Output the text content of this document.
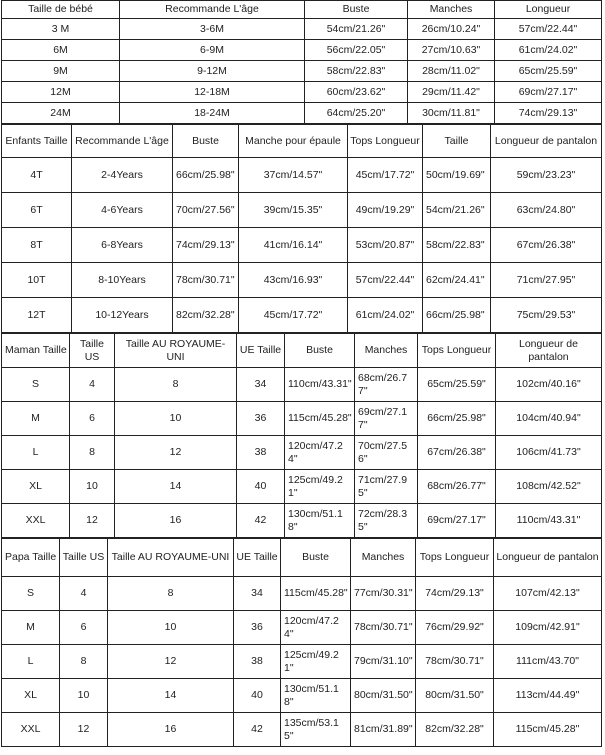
Taille de bébé	Recommande L'âge	Buste	Manches	Longueur
3 M	3-6M	54cm/21.26"	26cm/10.24"	57cm/22.44"
6M	6-9M	56cm/22.05"	27cm/10.63"	61cm/24.02"
9M	9-12M	58cm/22.83"	28cm/11.02"	65cm/25.59"
12M	12-18M	60cm/23.62"	29cm/11.42"	69cm/27.17"
24M	18-24M	64cm/25.20"	30cm/11.81"	74cm/29.13"
Enfants Taille	Recommande L'âge	Buste	Manche pour épaule	Tops Longueur	Taille	Longueur de pantalon
4T	2-4Years	66cm/25.98"	37cm/14.57"	45cm/17.72"	50cm/19.69"	59cm/23.23"
6T	4-6Years	70cm/27.56"	39cm/15.35"	49cm/19.29"	54cm/21.26"	63cm/24.80"
8T	6-8Years	74cm/29.13"	41cm/16.14"	53cm/20.87"	58cm/22.83"	67cm/26.38"
10T	8-10Years	78cm/30.71"	43cm/16.93"	57cm/22.44"	62cm/24.41"	71cm/27.95"
12T	10-12Years	82cm/32.28"	45cm/17.72"	61cm/24.02"	66cm/25.98"	75cm/29.53"
Maman Taille	Taille US	Taille AU ROYAUME-UNI	UE Taille	Buste	Manches	Tops Longueur	Longueur de pantalon
S	4	8	34	110cm/43.31"	68cm/26.77"	65cm/25.59"	102cm/40.16"
M	6	10	36	115cm/45.28"	69cm/27.17"	66cm/25.98"	104cm/40.94"
L	8	12	38	120cm/47.24"	70cm/27.56"	67cm/26.38"	106cm/41.73"
XL	10	14	40	125cm/49.21"	71cm/27.95"	68cm/26.77"	108cm/42.52"
XXL	12	16	42	130cm/51.18"	72cm/28.35"	69cm/27.17"	110cm/43.31"
Papa Taille	Taille US	Taille AU ROYAUME-UNI	UE Taille	Buste	Manches	Tops Longueur	Longueur de pantalon
S	4	8	34	115cm/45.28"	77cm/30.31"	74cm/29.13"	107cm/42.13"
M	6	10	36	120cm/47.24"	78cm/30.71"	76cm/29.92"	109cm/42.91"
L	8	12	38	125cm/49.21"	79cm/31.10"	78cm/30.71"	111cm/43.70"
XL	10	14	40	130cm/51.18"	80cm/31.50"	80cm/31.50"	113cm/44.49"
XXL	12	16	42	135cm/53.15"	81cm/31.89"	82cm/32.28"	115cm/45.28"
